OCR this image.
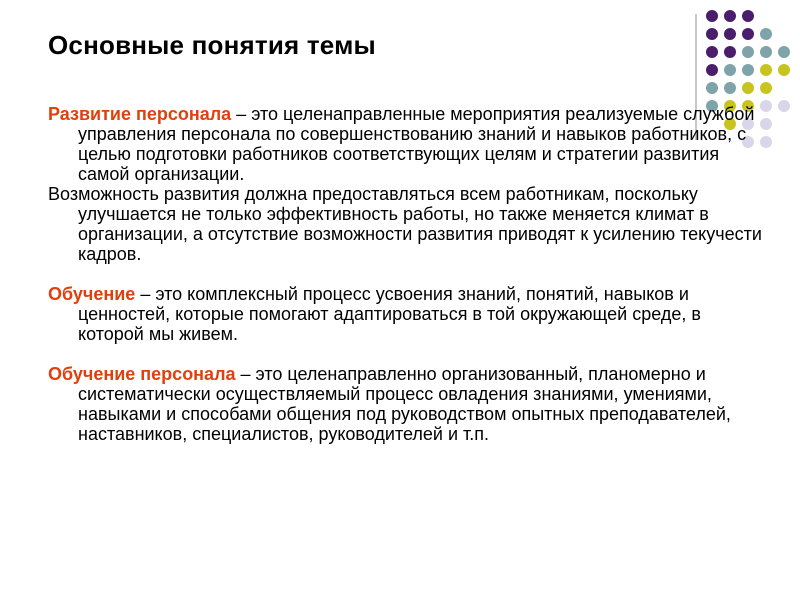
Основные понятия темы

Развитие персонала – это целенаправленные мероприятия реализуемые службой управления персонала по совершенствованию знаний и навыков работников, с целью подготовки работников соответствующих целям и стратегии развития самой организации.

Возможность развития должна предоставляться всем работникам, поскольку улучшается не только эффективность работы, но также меняется климат в организации, а отсутствие возможности развития приводят к усилению текучести кадров.

Обучение – это комплексный процесс усвоения знаний, понятий, навыков и ценностей, которые помогают адаптироваться в той окружающей среде, в которой мы живем.

Обучение персонала – это целенаправленно организованный, планомерно и систематически осуществляемый процесс овладения знаниями, умениями, навыками и способами общения под руководством опытных преподавателей, наставников, специалистов, руководителей и т.п.
